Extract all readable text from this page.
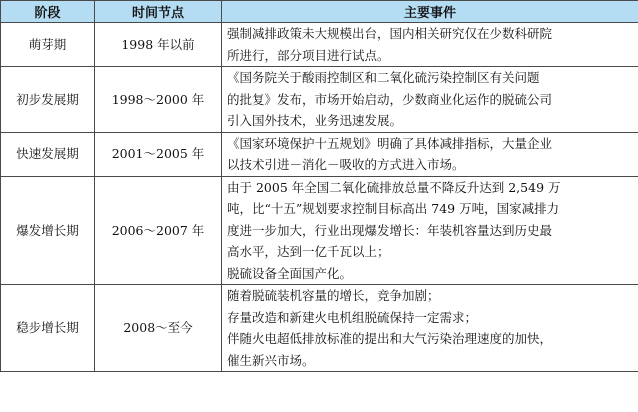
阶段	时间节点	主要事件
萌芽期	1998 年以前	强制减排政策未大规模出台，国内相关研究仅在少数科研院
所进行，部分项目进行试点。

初步发展期	1998～2000 年	《国务院关于酸雨控制区和二氧化硫污染控制区有关问题
的批复》发布，市场开始启动，少数商业化运作的脱硫公司
引入国外技术，业务迅速发展。

快速发展期	2001～2005 年	《国家环境保护十五规划》明确了具体减排指标，大量企业
以技术引进－消化－吸收的方式进入市场。

爆发增长期	2006～2007 年	由于 2005 年全国二氧化硫排放总量不降反升达到 2,549 万
吨，比“十五”规划要求控制目标高出 749 万吨，国家减排力
度进一步加大，行业出现爆发增长：年装机容量达到历史最
高水平，达到一亿千瓦以上；
脱硫设备全面国产化。

稳步增长期	2008～至今	随着脱硫装机容量的增长，竞争加剧；
存量改造和新建火电机组脱硫保持一定需求；
伴随火电超低排放标准的提出和大气污染治理速度的加快，
催生新兴市场。
